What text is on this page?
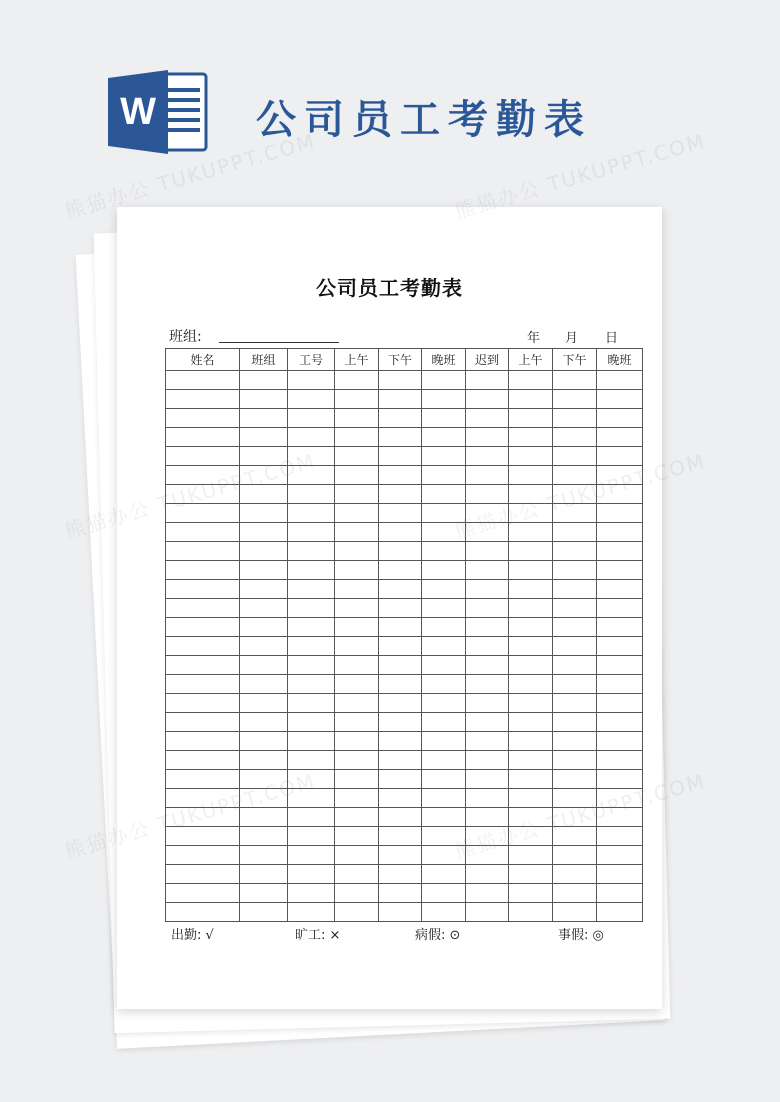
W	公司员工考勤表
公司员工考勤表
班组:	年 月 日
姓名	班组	工号	上午	下午	晚班	迟到	上午	下午	晚班

出勤: √	旷工: ×	病假: ⊙	事假: ◎
熊猫办公 TUKUPPT.COM	熊猫办公 TUKUPPT.COM
